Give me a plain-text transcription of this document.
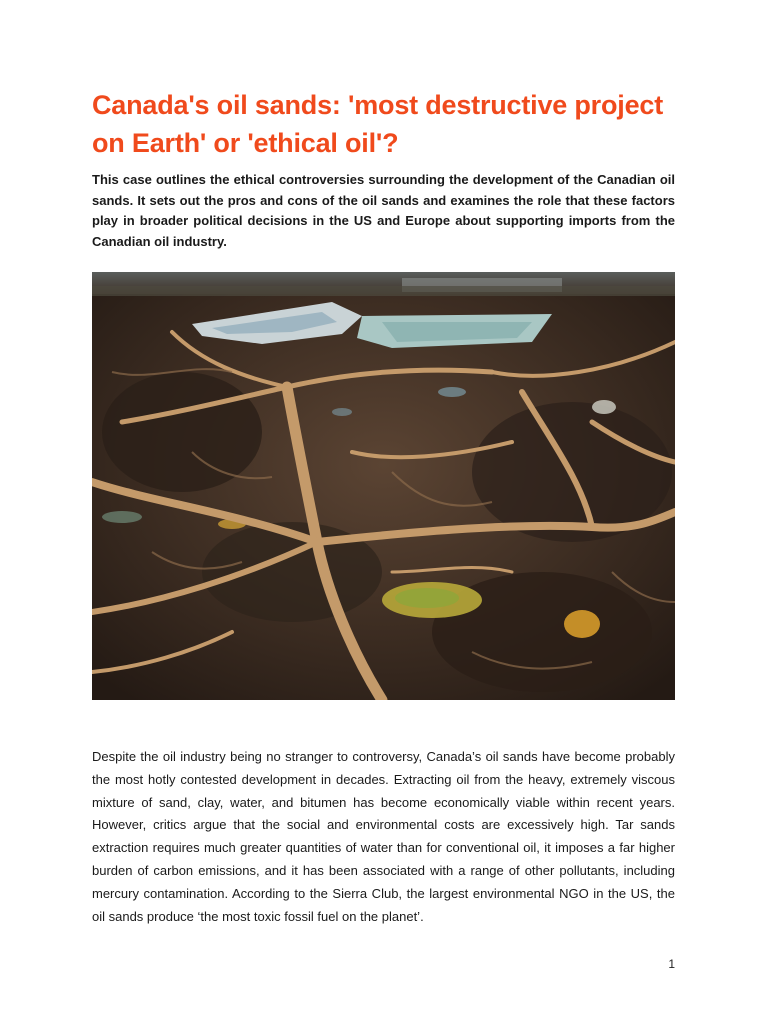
Canada's oil sands: 'most destructive project on Earth' or 'ethical oil'?

This case outlines the ethical controversies surrounding the development of the Canadian oil sands. It sets out the pros and cons of the oil sands and examines the role that these factors play in broader political decisions in the US and Europe about supporting imports from the Canadian oil industry.

Despite the oil industry being no stranger to controversy, Canada’s oil sands have become probably the most hotly contested development in decades. Extracting oil from the heavy, extremely viscous mixture of sand, clay, water, and bitumen has become economically viable within recent years. However, critics argue that the social and environmental costs are excessively high. Tar sands extraction requires much greater quantities of water than for conventional oil, it imposes a far higher burden of carbon emissions, and it has been associated with a range of other pollutants, including mercury contamination. According to the Sierra Club, the largest environmental NGO in the US, the oil sands produce ‘the most toxic fossil fuel on the planet’.

1
